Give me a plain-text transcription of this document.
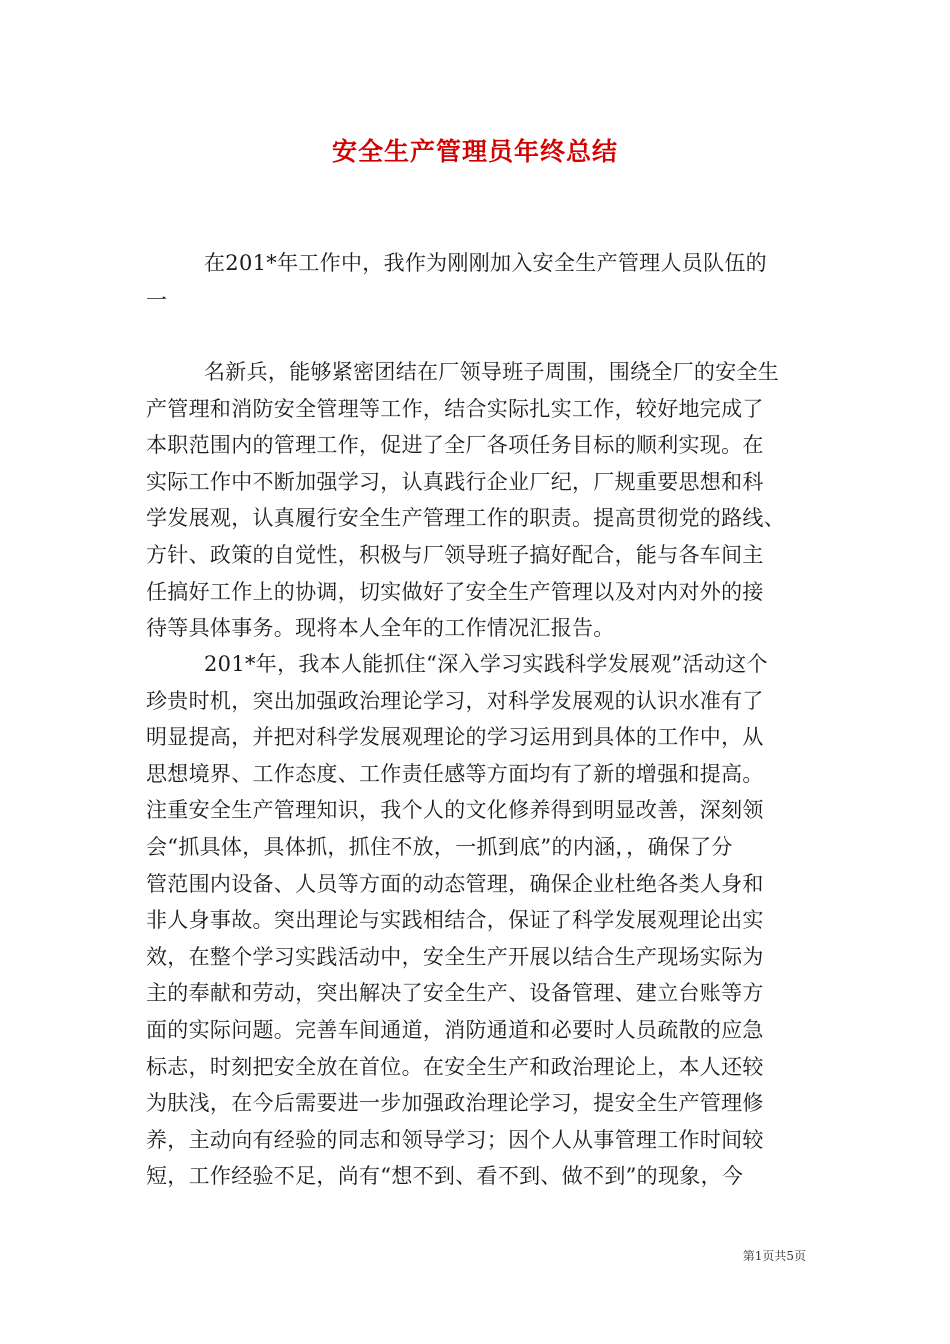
安全生产管理员年终总结
在201*年工作中，我作为刚刚加入安全生产管理人员队伍的
一
名新兵，能够紧密团结在厂领导班子周围，围绕全厂的安全生
产管理和消防安全管理等工作，结合实际扎实工作，较好地完成了
本职范围内的管理工作，促进了全厂各项任务目标的顺利实现。在
实际工作中不断加强学习，认真践行企业厂纪，厂规重要思想和科
学发展观，认真履行安全生产管理工作的职责。提高贯彻党的路线、
方针、政策的自觉性，积极与厂领导班子搞好配合，能与各车间主
任搞好工作上的协调，切实做好了安全生产管理以及对内对外的接
待等具体事务。现将本人全年的工作情况汇报告。
201*年，我本人能抓住“深入学习实践科学发展观”活动这个
珍贵时机，突出加强政治理论学习，对科学发展观的认识水准有了
明显提高，并把对科学发展观理论的学习运用到具体的工作中，从
思想境界、工作态度、工作责任感等方面均有了新的增强和提高。
注重安全生产管理知识，我个人的文化修养得到明显改善，深刻领
会“抓具体，具体抓，抓住不放，一抓到底”的内涵，，确保了分
管范围内设备、人员等方面的动态管理，确保企业杜绝各类人身和
非人身事故。突出理论与实践相结合，保证了科学发展观理论出实
效，在整个学习实践活动中，安全生产开展以结合生产现场实际为
主的奉献和劳动，突出解决了安全生产、设备管理、建立台账等方
面的实际问题。完善车间通道，消防通道和必要时人员疏散的应急
标志，时刻把安全放在首位。在安全生产和政治理论上，本人还较
为肤浅，在今后需要进一步加强政治理论学习，提安全生产管理修
养，主动向有经验的同志和领导学习；因个人从事管理工作时间较
短，工作经验不足，尚有“想不到、看不到、做不到”的现象，今
第1页共5页
